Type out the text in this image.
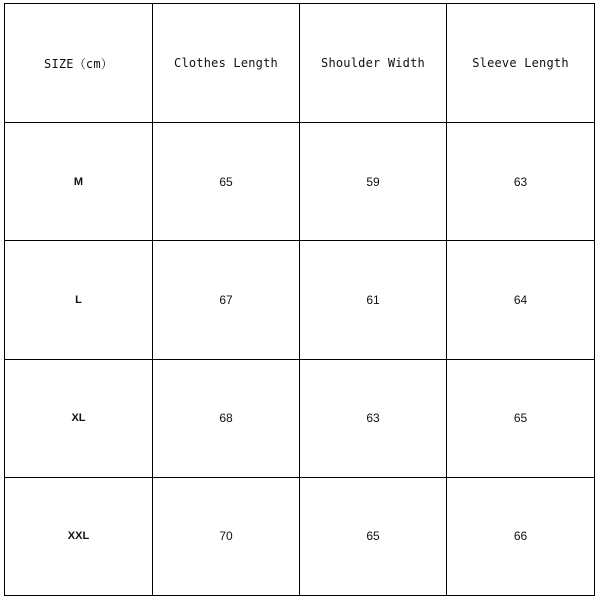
SIZE（cm）	Clothes Length	Shoulder Width	Sleeve Length
M	65	59	63
L	67	61	64
XL	68	63	65
XXL	70	65	66
